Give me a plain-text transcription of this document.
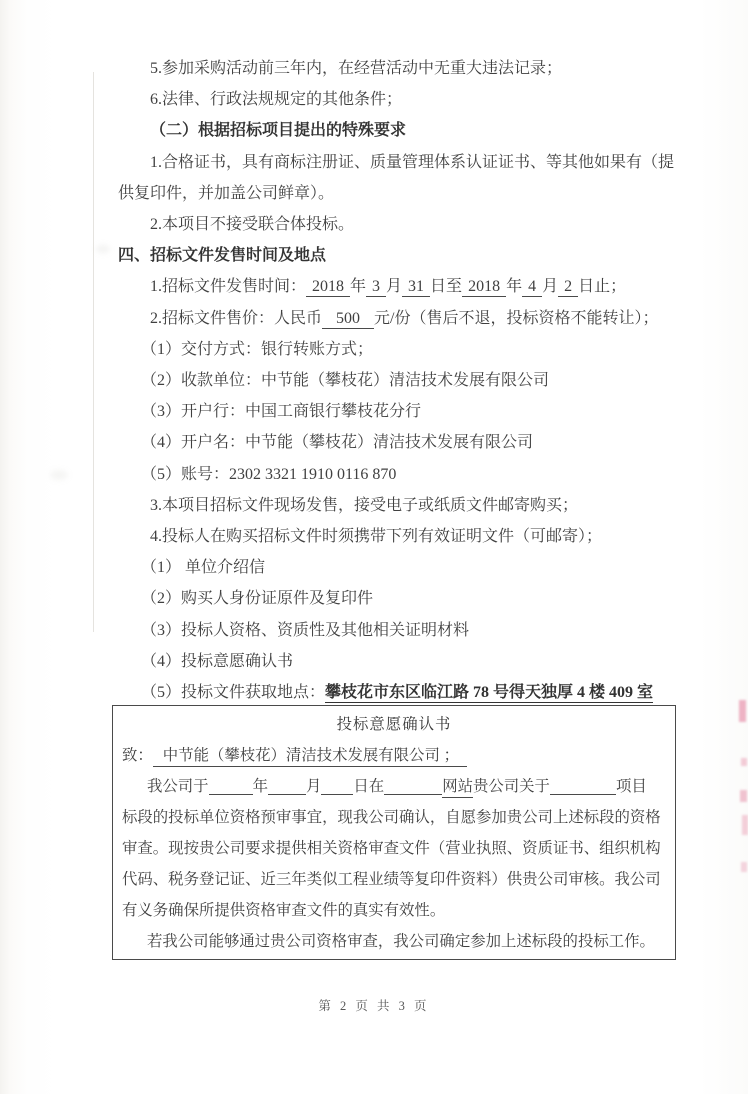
5.参加采购活动前三年内，在经营活动中无重大违法记录；

6.法律、行政法规规定的其他条件；

（二）根据招标项目提出的特殊要求

1.合格证书，具有商标注册证、质量管理体系认证证书、等其他如果有（提

供复印件，并加盖公司鲜章）。

2.本项目不接受联合体投标。

四、招标文件发售时间及地点

1.招标文件发售时间： 2018 年 3 月 31 日至 2018 年 4 月 2 日止；

2.招标文件售价：人民币 500 元/份（售后不退，投标资格不能转让）；

（1）交付方式：银行转账方式；

（2）收款单位：中节能（攀枝花）清洁技术发展有限公司

（3）开户行：中国工商银行攀枝花分行

（4）开户名：中节能（攀枝花）清洁技术发展有限公司

（5）账号：2302 3321 1910 0116 870

3.本项目招标文件现场发售，接受电子或纸质文件邮寄购买；

4.投标人在购买招标文件时须携带下列有效证明文件（可邮寄）；

（1） 单位介绍信

（2）购买人身份证原件及复印件

（3）投标人资格、资质性及其他相关证明材料

（4）投标意愿确认书

（5）投标文件获取地点：攀枝花市东区临江路 78 号得天独厚 4 楼 409 室

投标意愿确认书

致： 中节能（攀枝花）清洁技术发展有限公司 ；

我公司于	年 月 日在	网站贵公司关于	项目

标段的投标单位资格预审事宜，现我公司确认，自愿参加贵公司上述标段的资格

审查。现按贵公司要求提供相关资格审查文件（营业执照、资质证书、组织机构

代码、税务登记证、近三年类似工程业绩等复印件资料）供贵公司审核。我公司

有义务确保所提供资格审查文件的真实有效性。

若我公司能够通过贵公司资格审查，我公司确定参加上述标段的投标工作。

第 2 页 共 3 页
